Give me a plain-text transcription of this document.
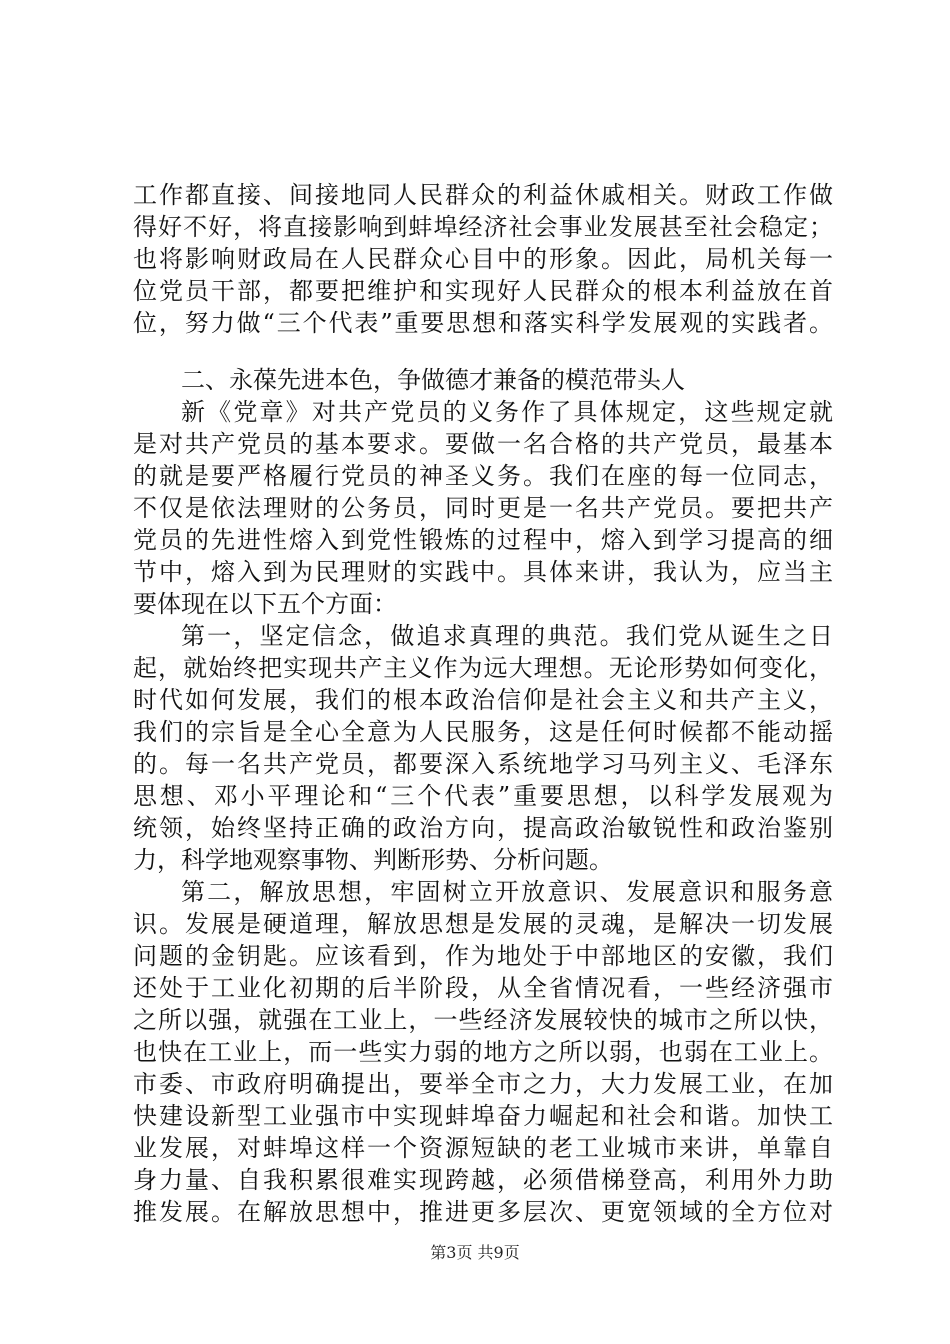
工作都直接、间接地同人民群众的利益休戚相关。财政工作做
得好不好，将直接影响到蚌埠经济社会事业发展甚至社会稳定；
也将影响财政局在人民群众心目中的形象。因此，局机关每一
位党员干部，都要把维护和实现好人民群众的根本利益放在首
位，努力做“三个代表”重要思想和落实科学发展观的实践者。
二、永葆先进本色，争做德才兼备的模范带头人
新《党章》对共产党员的义务作了具体规定，这些规定就
是对共产党员的基本要求。要做一名合格的共产党员，最基本
的就是要严格履行党员的神圣义务。我们在座的每一位同志，
不仅是依法理财的公务员，同时更是一名共产党员。要把共产
党员的先进性熔入到党性锻炼的过程中，熔入到学习提高的细
节中，熔入到为民理财的实践中。具体来讲，我认为，应当主
要体现在以下五个方面：
第一，坚定信念，做追求真理的典范。我们党从诞生之日
起，就始终把实现共产主义作为远大理想。无论形势如何变化，
时代如何发展，我们的根本政治信仰是社会主义和共产主义，
我们的宗旨是全心全意为人民服务，这是任何时候都不能动摇
的。每一名共产党员，都要深入系统地学习马列主义、毛泽东
思想、邓小平理论和“三个代表”重要思想，以科学发展观为
统领，始终坚持正确的政治方向，提高政治敏锐性和政治鉴别
力，科学地观察事物、判断形势、分析问题。
第二，解放思想，牢固树立开放意识、发展意识和服务意
识。发展是硬道理，解放思想是发展的灵魂，是解决一切发展
问题的金钥匙。应该看到，作为地处于中部地区的安徽，我们
还处于工业化初期的后半阶段，从全省情况看，一些经济强市
之所以强，就强在工业上，一些经济发展较快的城市之所以快，
也快在工业上，而一些实力弱的地方之所以弱，也弱在工业上。
市委、市政府明确提出，要举全市之力，大力发展工业，在加
快建设新型工业强市中实现蚌埠奋力崛起和社会和谐。加快工
业发展，对蚌埠这样一个资源短缺的老工业城市来讲，单靠自
身力量、自我积累很难实现跨越，必须借梯登高，利用外力助
推发展。在解放思想中，推进更多层次、更宽领域的全方位对
第3页 共9页
